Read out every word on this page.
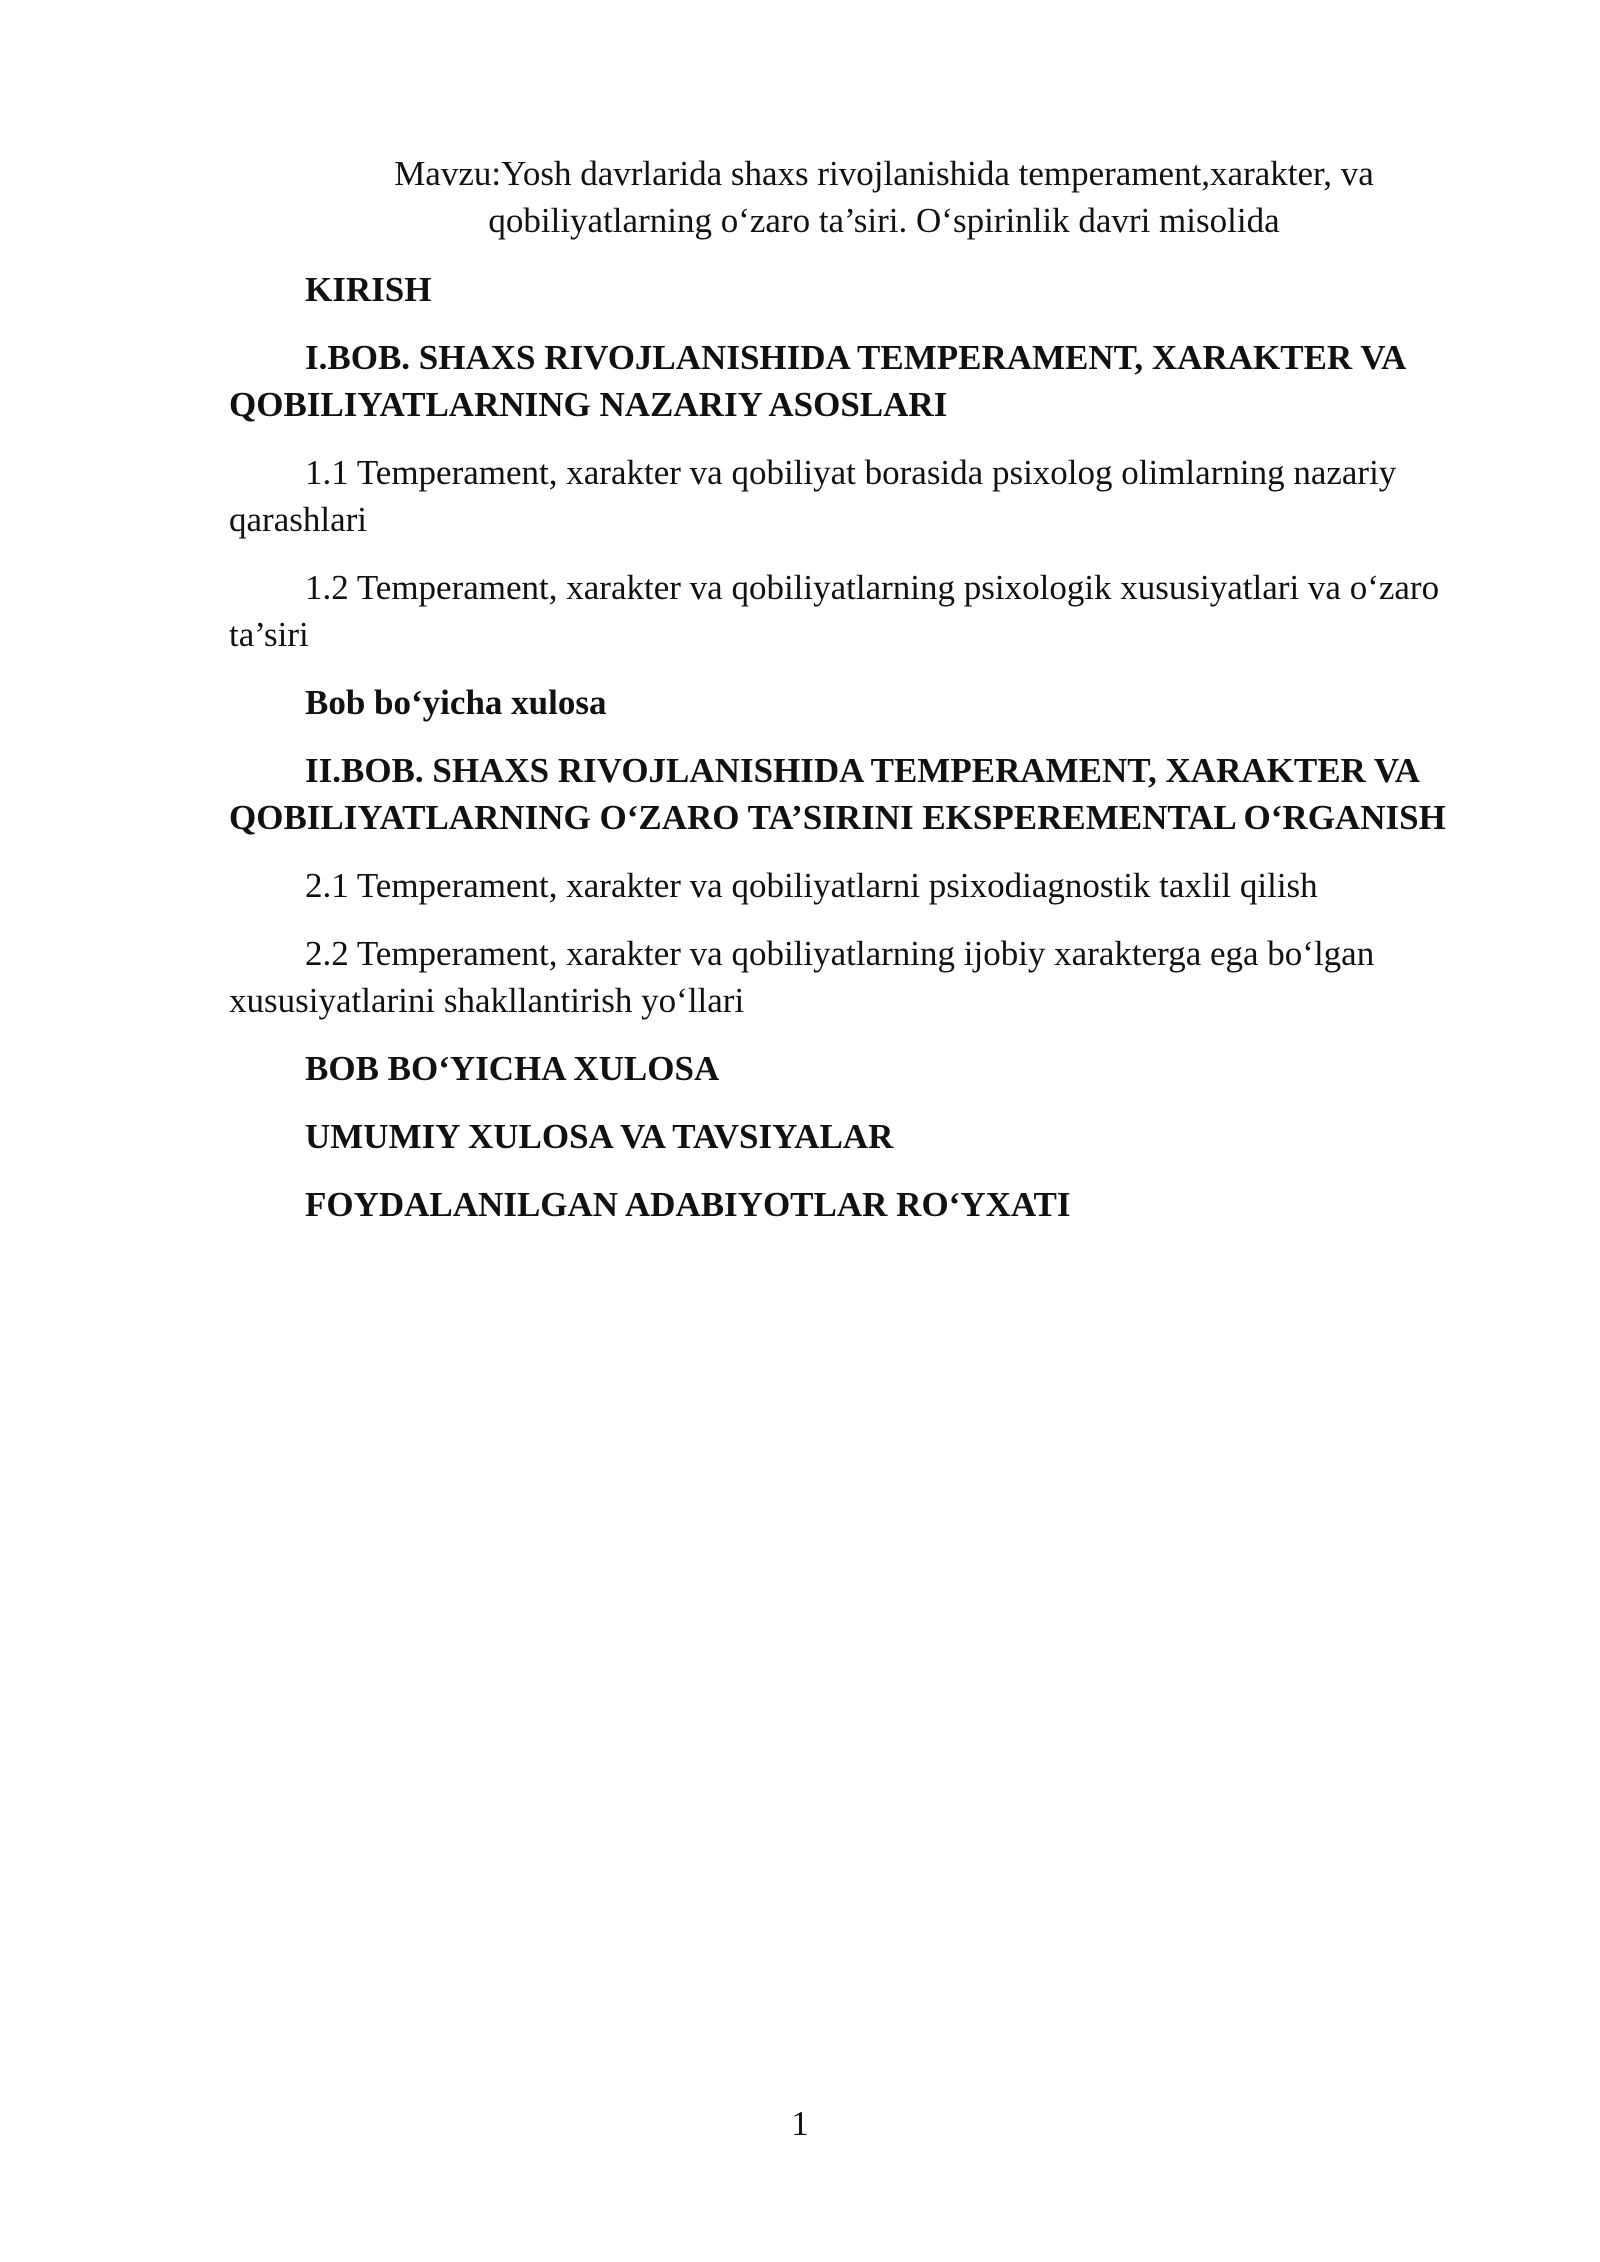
Mavzu:Yosh davrlarida shaxs rivojlanishida temperament,xarakter, va qobiliyatlarning o‘zaro ta’siri. O‘spirinlik davri misolida

KIRISH

I.BOB. SHAXS RIVOJLANISHIDA TEMPERAMENT, XARAKTER VA QOBILIYATLARNING NAZARIY ASOSLARI

1.1 Temperament, xarakter va qobiliyat borasida psixolog olimlarning nazariy qarashlari

1.2 Temperament, xarakter va qobiliyatlarning psixologik xususiyatlari va o‘zaro ta’siri

Bob bo‘yicha xulosa

II.BOB. SHAXS RIVOJLANISHIDA TEMPERAMENT, XARAKTER VA QOBILIYATLARNING O‘ZARO TA’SIRINI EKSPEREMENTAL O‘RGANISH

2.1 Temperament, xarakter va qobiliyatlarni psixodiagnostik taxlil qilish

2.2 Temperament, xarakter va qobiliyatlarning ijobiy xarakterga ega bo‘lgan xususiyatlarini shakllantirish yo‘llari

BOB BO‘YICHA XULOSA

UMUMIY XULOSA VA TAVSIYALAR

FOYDALANILGAN ADABIYOTLAR RO‘YXATI

1
